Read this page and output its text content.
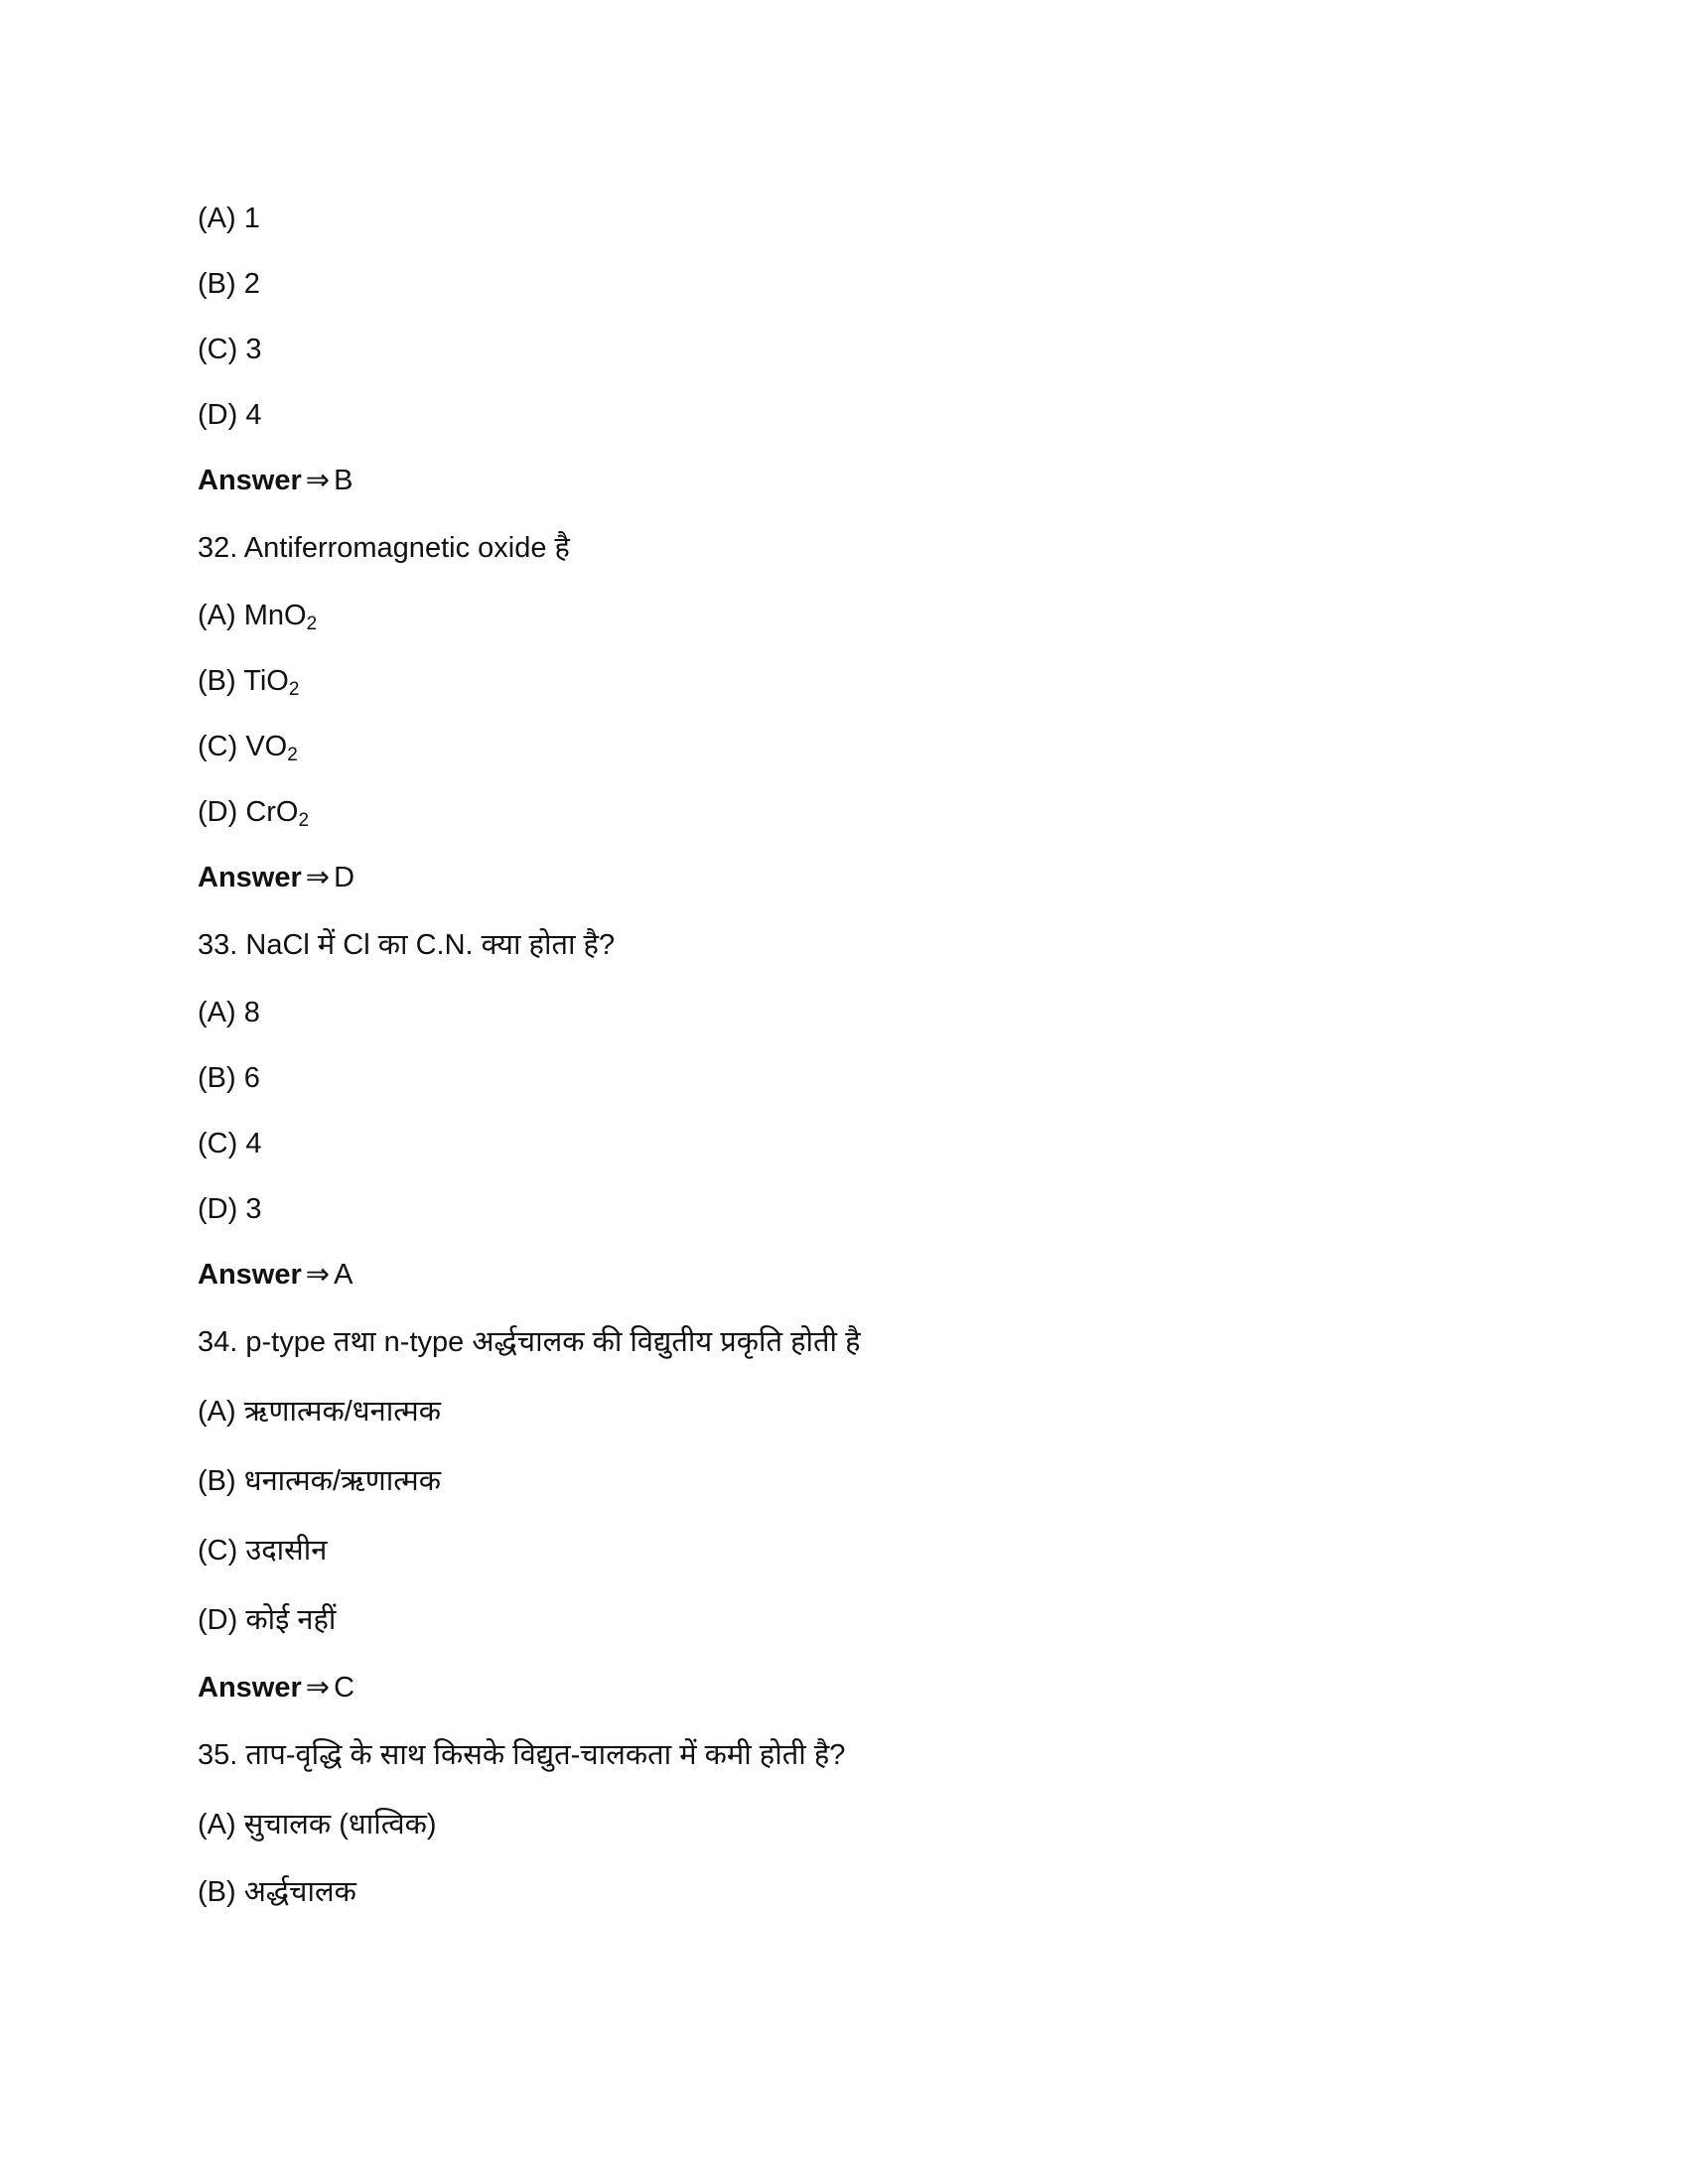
(A) 1
(B) 2
(C) 3
(D) 4
Answer ⇒ B
32. Antiferromagnetic oxide है
(A) MnO$_2$
(B) TiO$_2$
(C) $VO_2$
(D) CrO$_2$
Answer ⇒ D
33. NaCl में Cl का C.N. क्या होता है?
(A) 8
(B) 6
(C) 4
(D) 3
Answer ⇒ A
34. p-type तथा n-type अर्द्धचालक की विद्युतीय प्रकृति होती है
(A) ऋणात्मक/धनात्मक
(B) धनात्मक/ऋणात्मक
(C) उदासीन
(D) कोई नहीं
Answer ⇒ C
35. ताप-वृद्धि के साथ किसके विद्युत-चालकता में कमी होती है?
(A) सुचालक (धात्विक)
(B) अर्द्धचालक
